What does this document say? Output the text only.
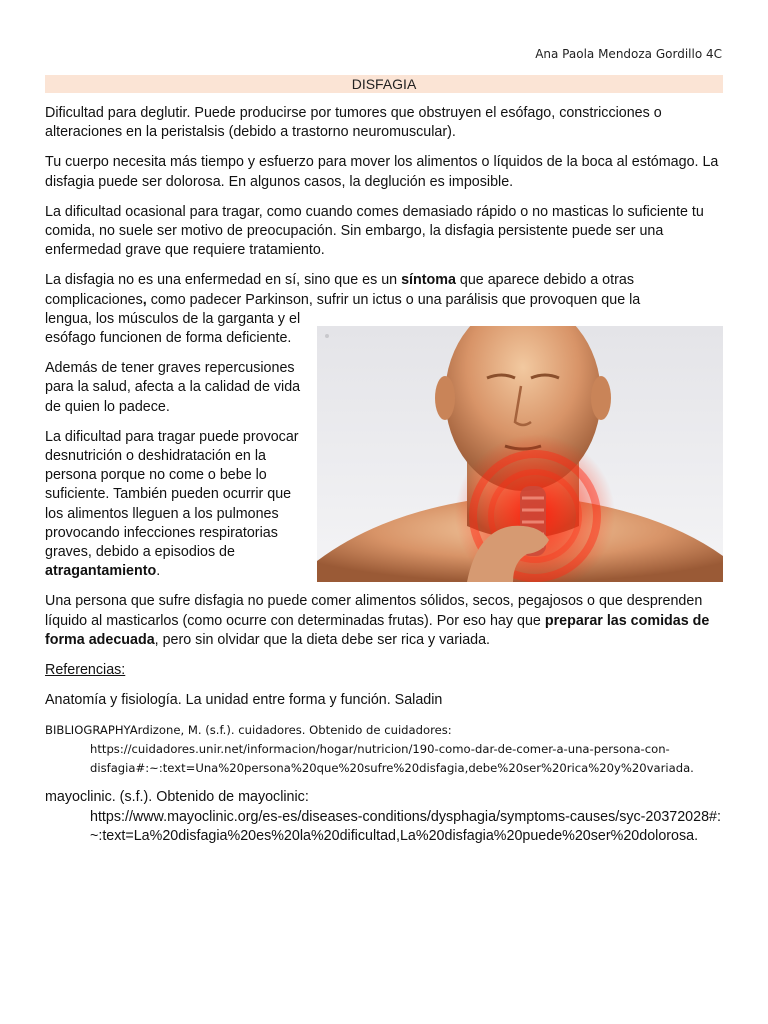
Ana Paola Mendoza Gordillo 4C
DISFAGIA

Dificultad para deglutir. Puede producirse por tumores que obstruyen el esófago, constricciones o alteraciones en la peristalsis (debido a trastorno neuromuscular).

Tu cuerpo necesita más tiempo y esfuerzo para mover los alimentos o líquidos de la boca al estómago. La disfagia puede ser dolorosa. En algunos casos, la deglución es imposible.

La dificultad ocasional para tragar, como cuando comes demasiado rápido o no masticas lo suficiente tu comida, no suele ser motivo de preocupación. Sin embargo, la disfagia persistente puede ser una enfermedad grave que requiere tratamiento.

La disfagia no es una enfermedad en sí, sino que es un síntoma que aparece debido a otras complicaciones, como padecer Parkinson, sufrir un ictus o una parálisis que provoquen que la

lengua, los músculos de la garganta y el esófago funcionen de forma deficiente.

Además de tener graves repercusiones para la salud, afecta a la calidad de vida de quien lo padece.

La dificultad para tragar puede provocar desnutrición o deshidratación en la persona porque no come o bebe lo suficiente. También pueden ocurrir que los alimentos lleguen a los pulmones provocando infecciones respiratorias graves, debido a episodios de atragantamiento.

Una persona que sufre disfagia no puede comer alimentos sólidos, secos, pegajosos o que desprenden líquido al masticarlos (como ocurre con determinadas frutas). Por eso hay que preparar las comidas de forma adecuada, pero sin olvidar que la dieta debe ser rica y variada.

Referencias:

Anatomía y fisiología. La unidad entre forma y función. Saladin

BIBLIOGRAPHYArdizone, M. (s.f.). cuidadores. Obtenido de cuidadores:
https://cuidadores.unir.net/informacion/hogar/nutricion/190-como-dar-de-comer-a-una-persona-con-disfagia#:~:text=Una%20persona%20que%20sufre%20disfagia,debe%20ser%20rica%20y%20variada.
mayoclinic. (s.f.). Obtenido de mayoclinic:
https://www.mayoclinic.org/es-es/diseases-conditions/dysphagia/symptoms-causes/syc-20372028#:~:text=La%20disfagia%20es%20la%20dificultad,La%20disfagia%20puede%20ser%20dolorosa.
